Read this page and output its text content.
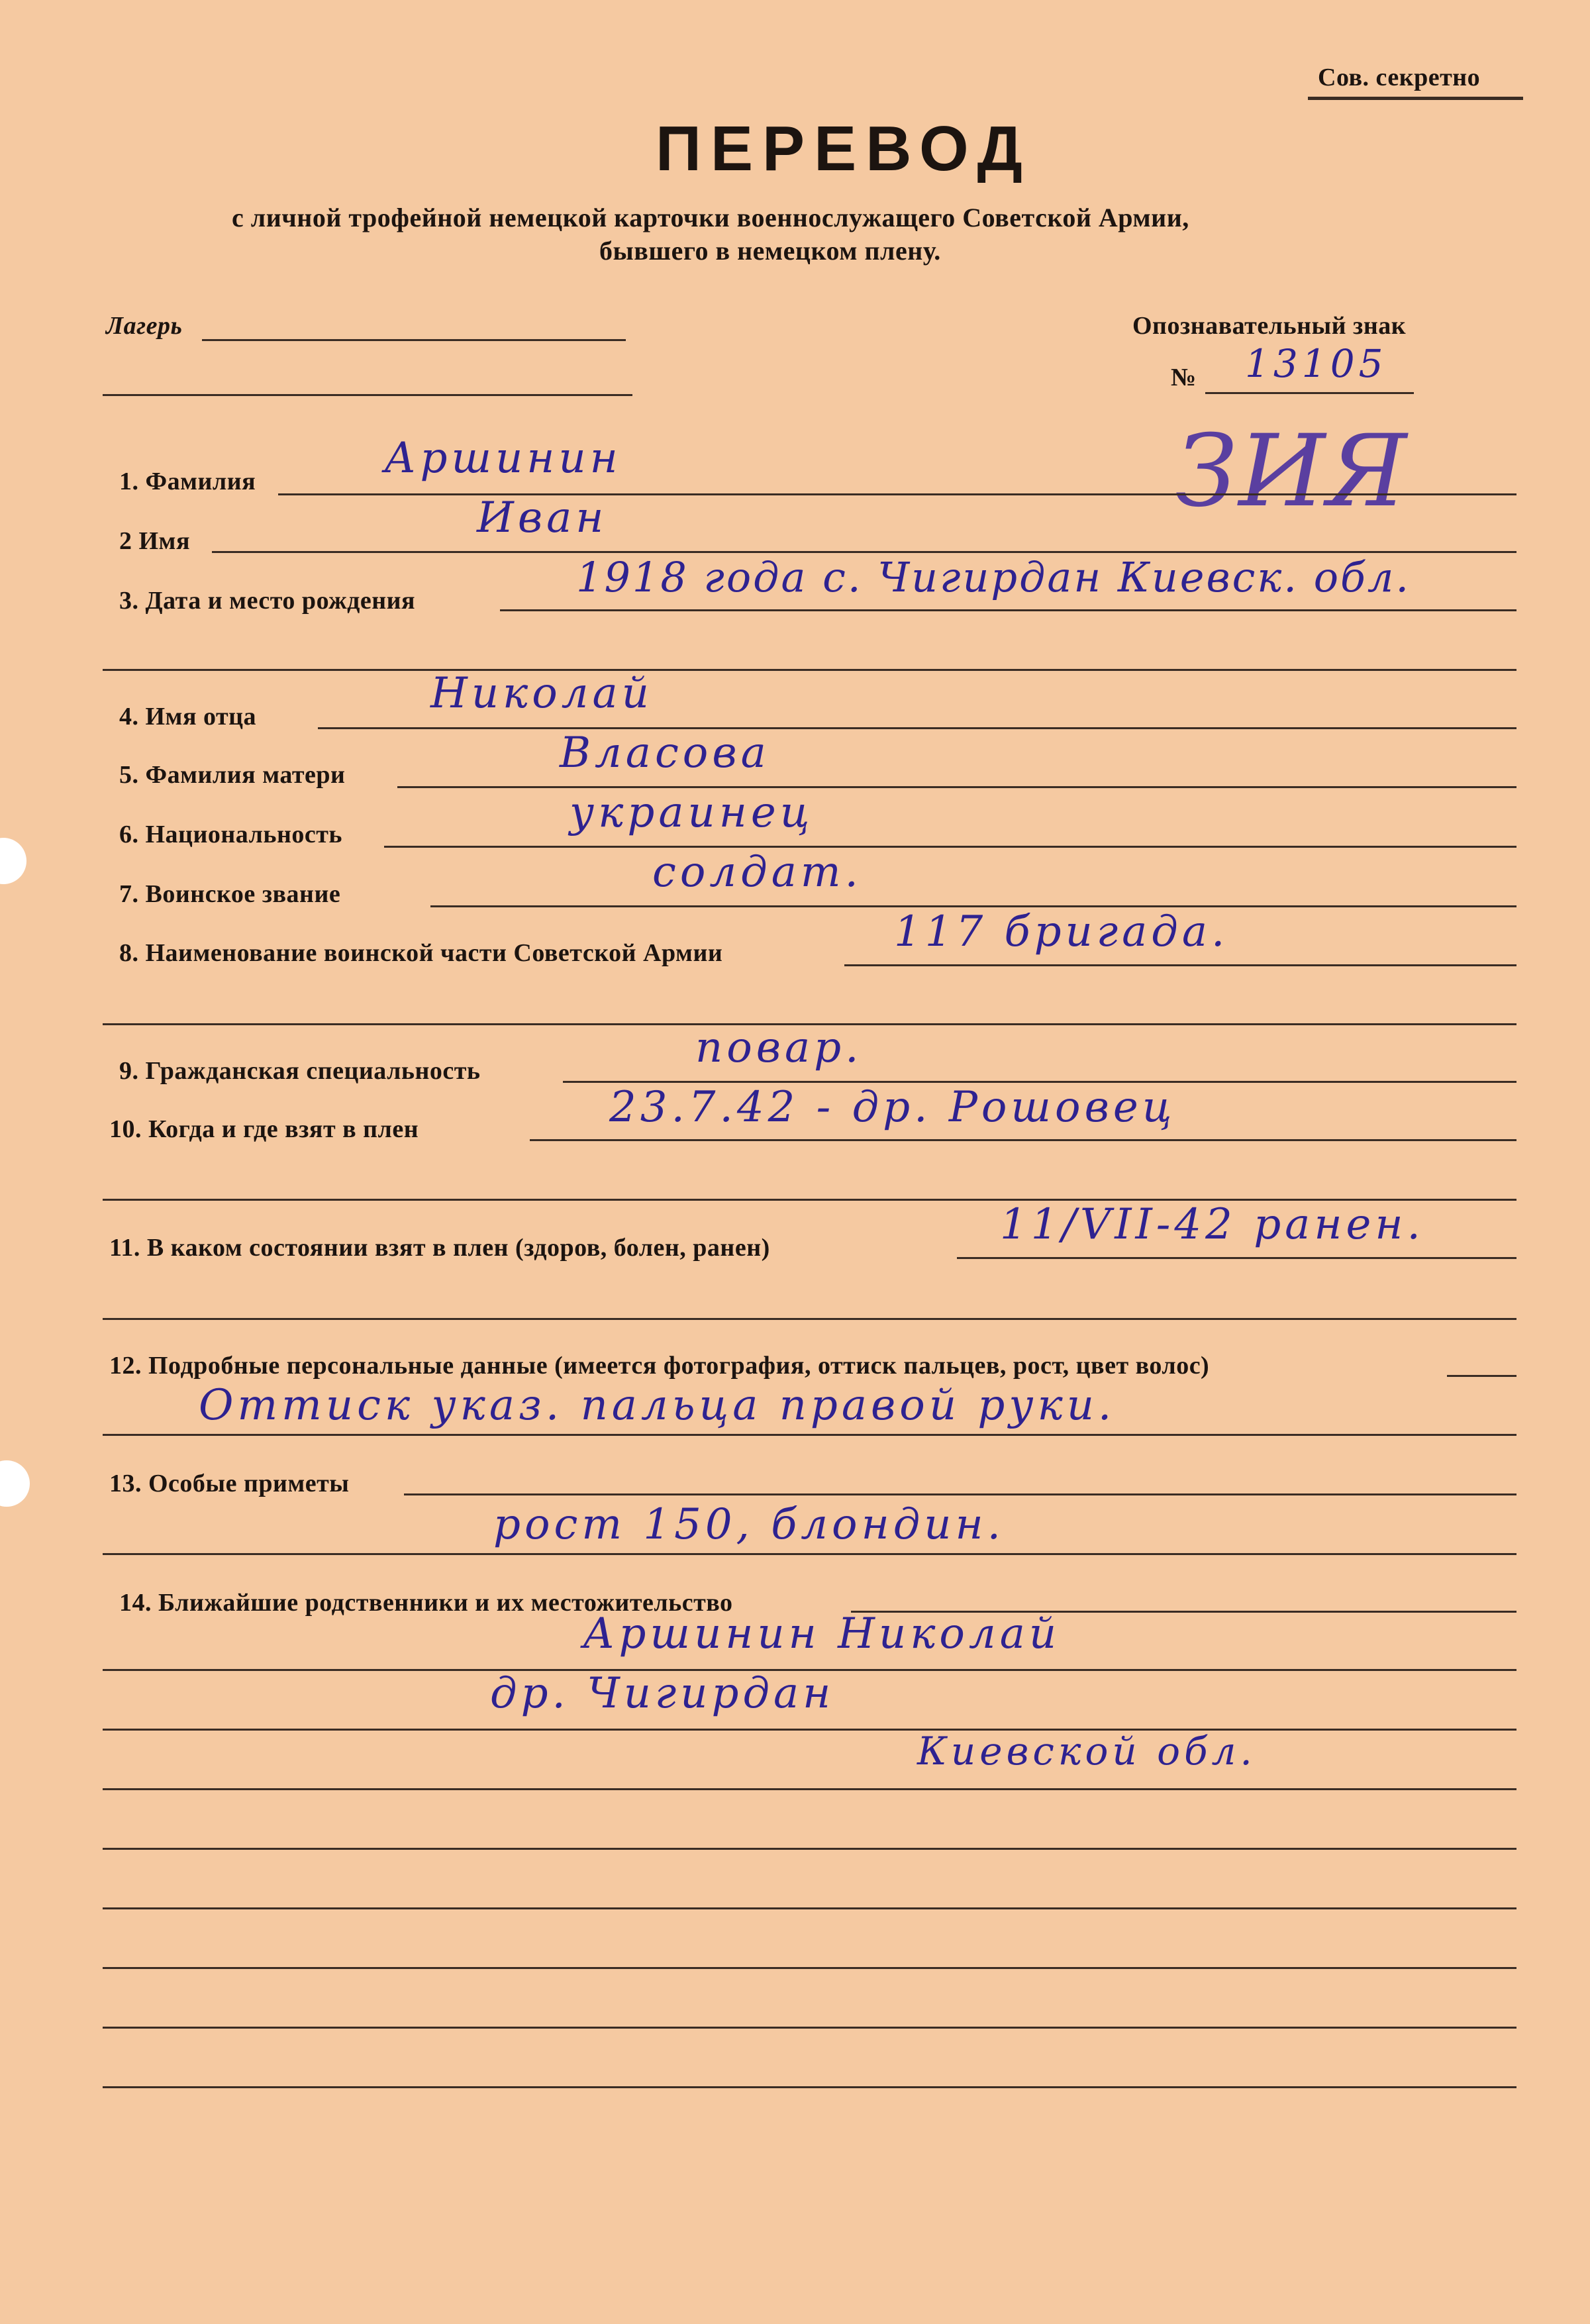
Сов. секретно
ПЕРЕВОД
с личной трофейной немецкой карточки военнослужащего Советской Армии,
бывшего в немецком плену.
Лагерь	Опознавательный знак
№ 13105
ЗИЯ
1. Фамилия	Аршинин
2 Имя	Иван
3. Дата и место рождения	1918 года с. Чигирдан Киевск. обл.
4. Имя отца	Николай
5. Фамилия матери	Власова
6. Национальность	украинец
7. Воинское звание	солдат.
8. Наименование воинской части Советской Армии	117 бригада.
9. Гражданская специальность	повар.
10. Когда и где взят в плен	23.7.42 - др. Рошовец
11. В каком состоянии взят в плен (здоров, болен, ранен)	11/VII-42 ранен.
12. Подробные персональные данные (имеется фотография, оттиск пальцев, рост, цвет волос)
Оттиск указ. пальца правой руки.
13. Особые приметы
рост 150, блондин.
14. Ближайшие родственники и их местожительство
Аршинин Николай
др. Чигирдан
Киевской обл.
